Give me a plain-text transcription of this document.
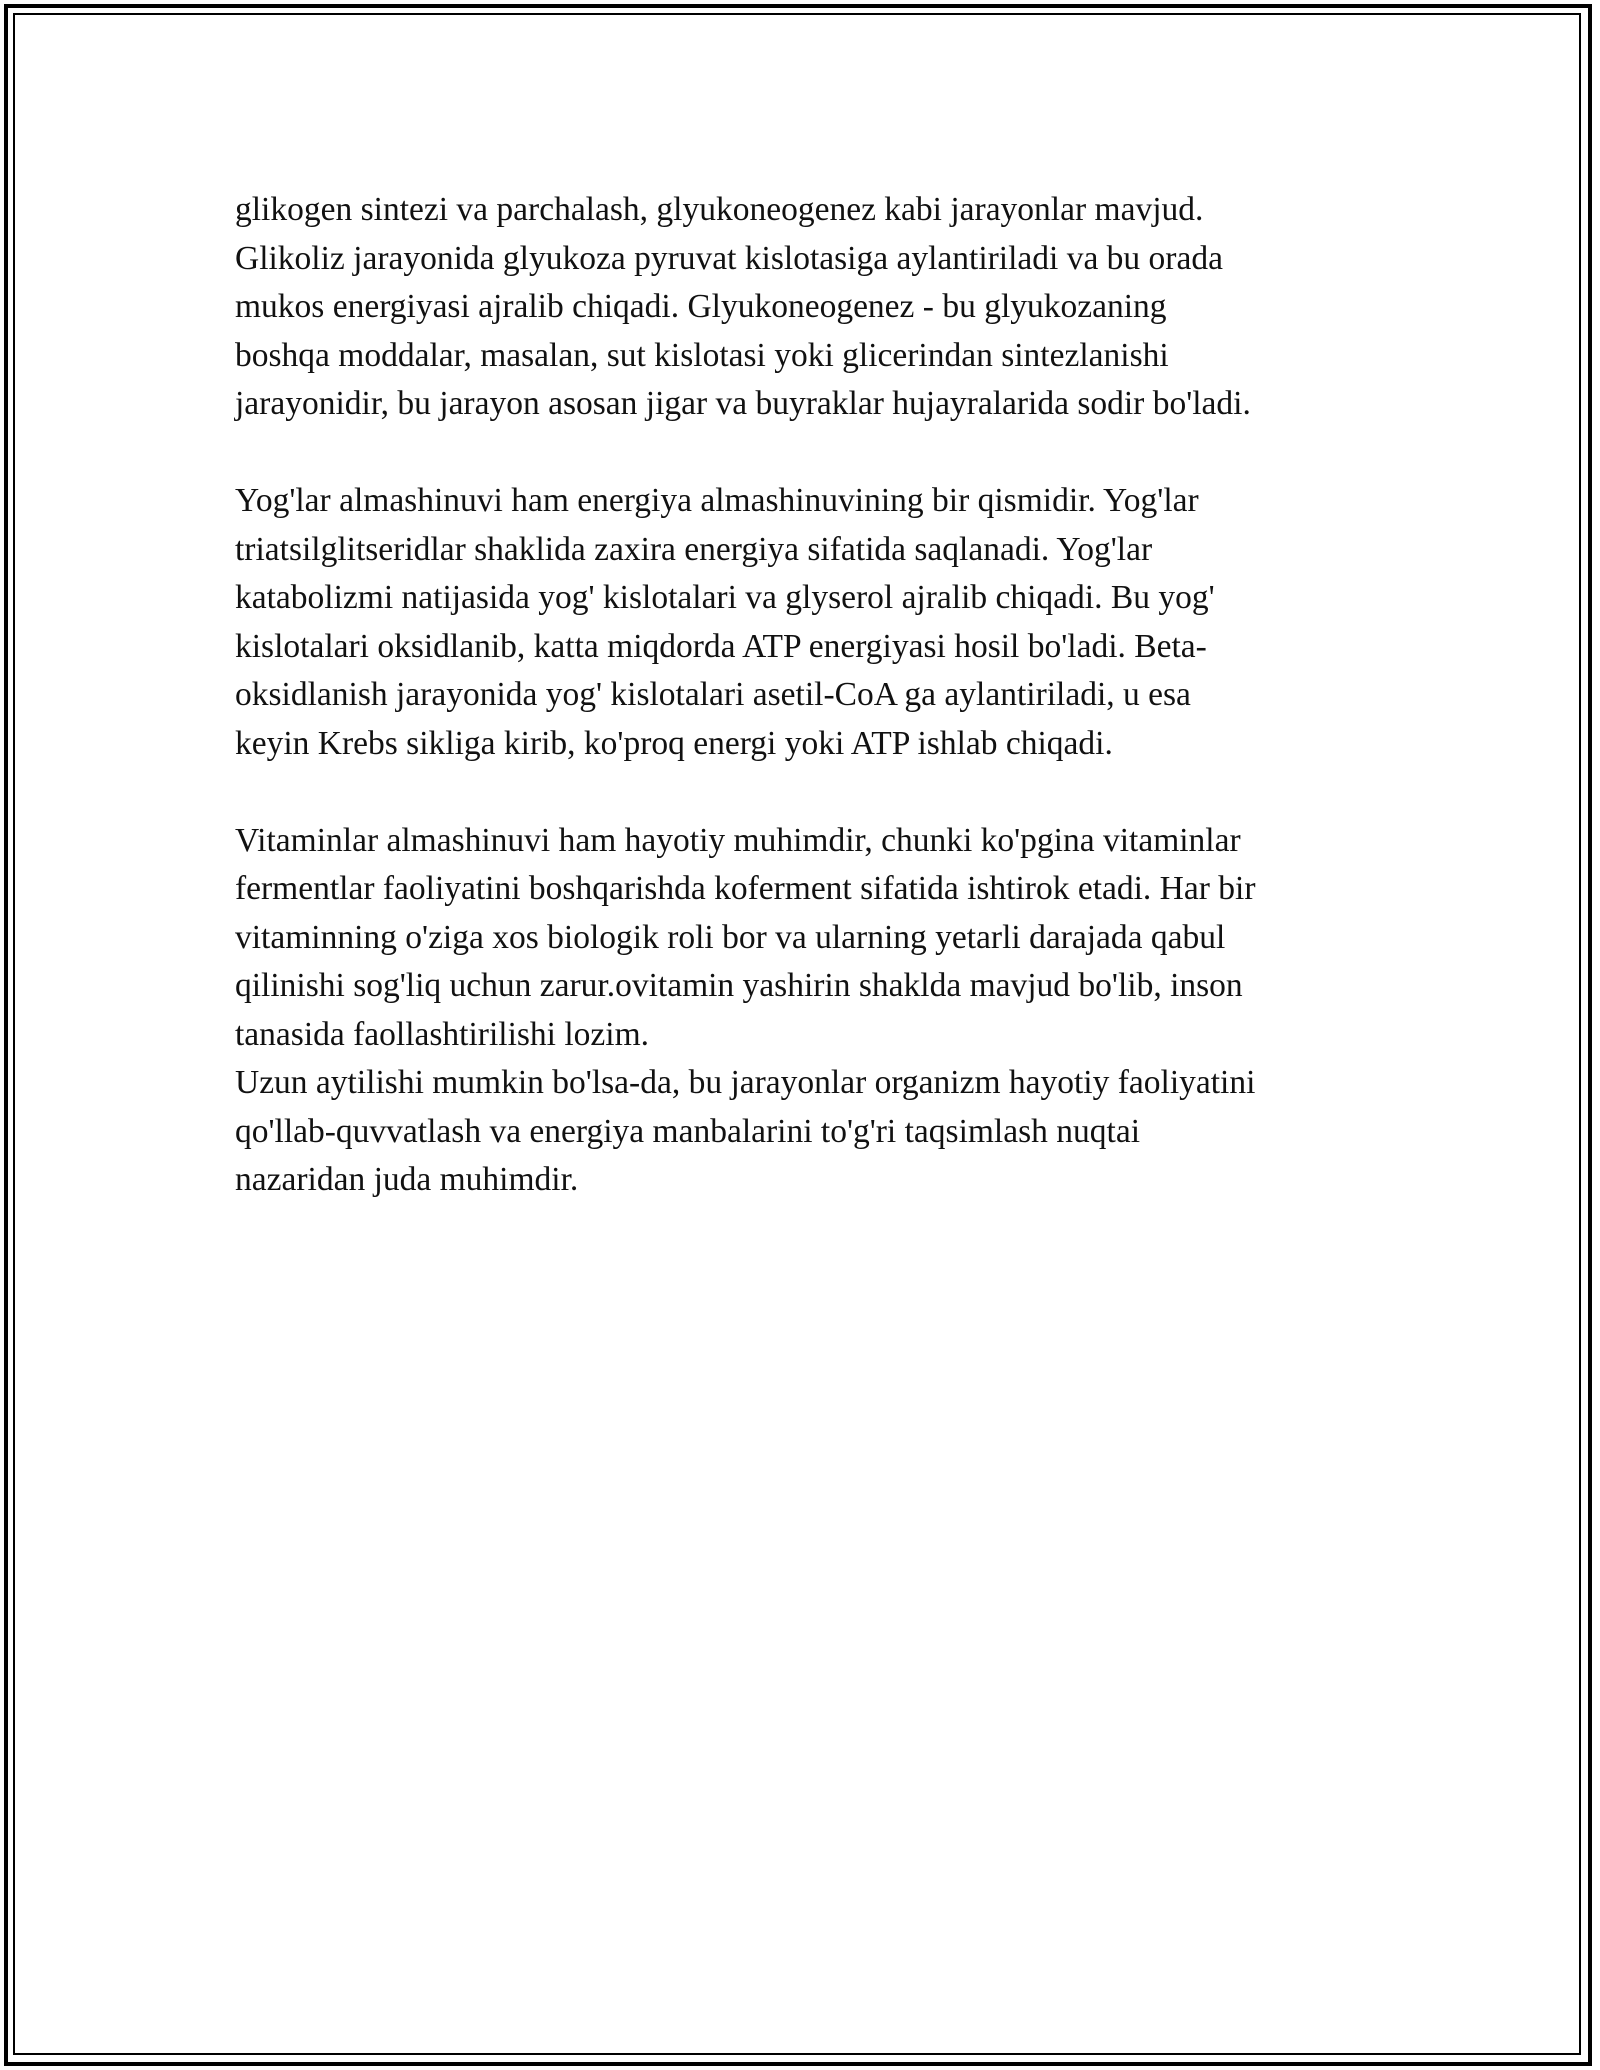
glikogen sintezi va parchalash, glyukoneogenez kabi jarayonlar mavjud.
Glikoliz jarayonida glyukoza pyruvat kislotasiga aylantiriladi va bu orada
mukos energiyasi ajralib chiqadi. Glyukoneogenez - bu glyukozaning
boshqa moddalar, masalan, sut kislotasi yoki glicerindan sintezlanishi
jarayonidir, bu jarayon asosan jigar va buyraklar hujayralarida sodir bo'ladi.

Yog'lar almashinuvi ham energiya almashinuvining bir qismidir. Yog'lar
triatsilglitseridlar shaklida zaxira energiya sifatida saqlanadi. Yog'lar
katabolizmi natijasida yog' kislotalari va glyserol ajralib chiqadi. Bu yog'
kislotalari oksidlanib, katta miqdorda ATP energiyasi hosil bo'ladi. Beta-
oksidlanish jarayonida yog' kislotalari asetil-CoA ga aylantiriladi, u esa
keyin Krebs sikliga kirib, ko'proq energi yoki ATP ishlab chiqadi.

Vitaminlar almashinuvi ham hayotiy muhimdir, chunki ko'pgina vitaminlar
fermentlar faoliyatini boshqarishda koferment sifatida ishtirok etadi. Har bir
vitaminning o'ziga xos biologik roli bor va ularning yetarli darajada qabul
qilinishi sog'liq uchun zarur.ovitamin yashirin shaklda mavjud bo'lib, inson
tanasida faollashtirilishi lozim.

Uzun aytilishi mumkin bo'lsa-da, bu jarayonlar organizm hayotiy faoliyatini
qo'llab-quvvatlash va energiya manbalarini to'g'ri taqsimlash nuqtai
nazaridan juda muhimdir.
